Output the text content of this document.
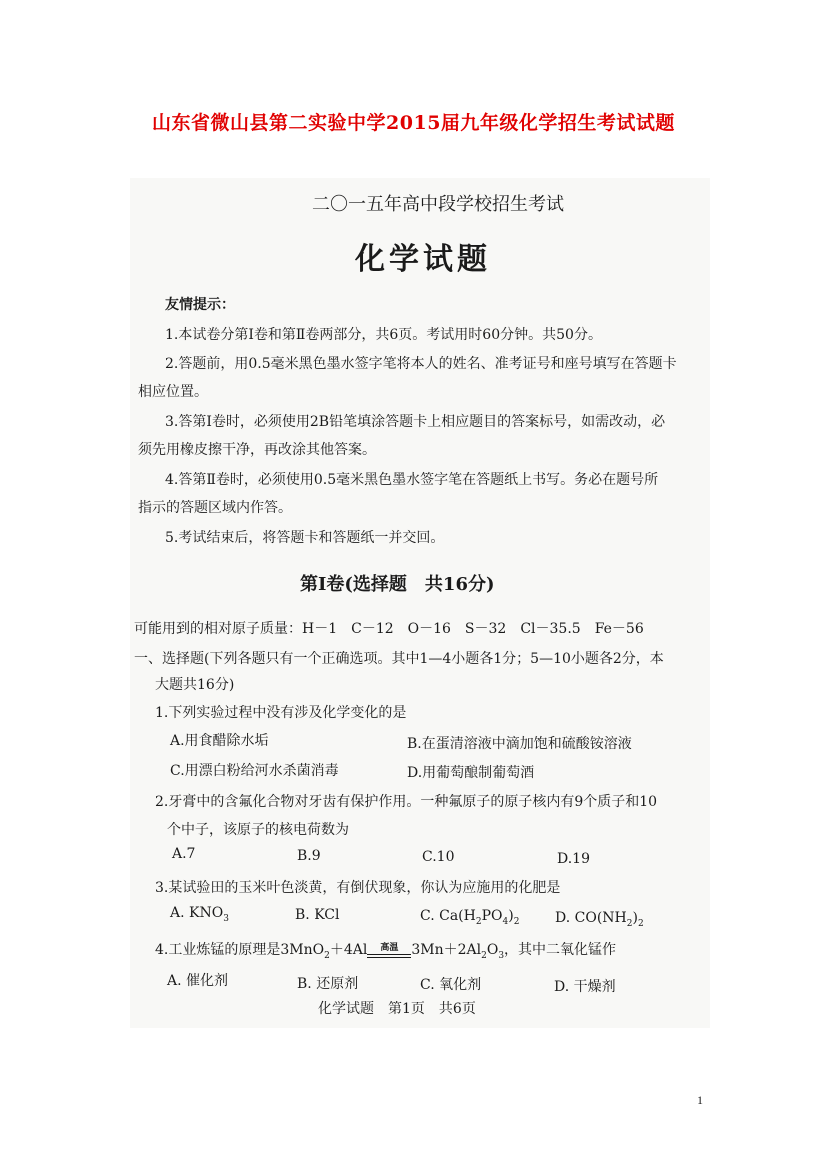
山东省微山县第二实验中学2015届九年级化学招生考试试题
二〇一五年高中段学校招生考试
化学试题
友情提示：
1.本试卷分第Ⅰ卷和第Ⅱ卷两部分，共6页。考试用时60分钟。共50分。
2.答题前，用0.5毫米黑色墨水签字笔将本人的姓名、准考证号和座号填写在答题卡
相应位置。
3.答第Ⅰ卷时，必须使用2B铅笔填涂答题卡上相应题目的答案标号，如需改动，必
须先用橡皮擦干净，再改涂其他答案。
4.答第Ⅱ卷时，必须使用0.5毫米黑色墨水签字笔在答题纸上书写。务必在题号所
指示的答题区域内作答。
5.考试结束后，将答题卡和答题纸一并交回。
第Ⅰ卷(选择题　共16分)
可能用到的相对原子质量：H－1　C－12　O－16　S－32　Cl－35.5　Fe－56
一、选择题(下列各题只有一个正确选项。其中1—4小题各1分；5—10小题各2分，本
大题共16分)
1.下列实验过程中没有涉及化学变化的是
A.用食醋除水垢	B.在蛋清溶液中滴加饱和硫酸铵溶液
C.用漂白粉给河水杀菌消毒	D.用葡萄酿制葡萄酒
2.牙膏中的含氟化合物对牙齿有保护作用。一种氟原子的原子核内有9个质子和10
个中子，该原子的核电荷数为
A.7	B.9	C.10	D.19
3.某试验田的玉米叶色淡黄，有倒伏现象，你认为应施用的化肥是
A. $KNO_3$	B. KCl	C. $Ca(H_2PO_4)_2$	D. $CO(NH_2)_2$
4.工业炼锰的原理是3MnO$_2$＋4Al	高温 $3Mn+2Al_2O_3$，其中二氧化锰作
A. 催化剂	B. 还原剂	C. 氧化剂	D. 干燥剂
化学试题　第1页　共6页
1
